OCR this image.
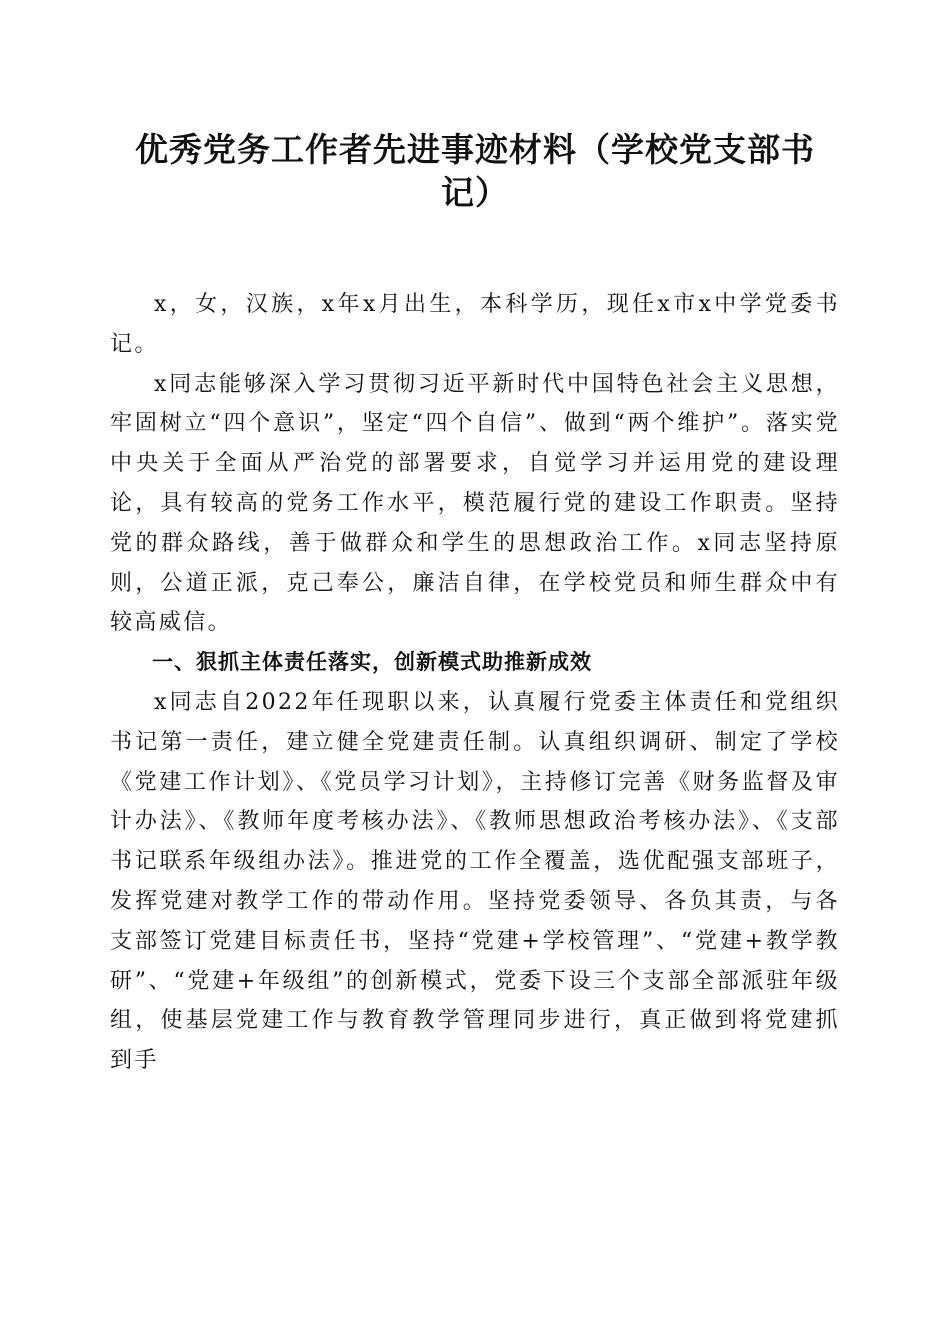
优秀党务工作者先进事迹材料（学校党支部书记）

x，女，汉族，x年x月出生，本科学历，现任x市x中学党委书记。

x同志能够深入学习贯彻习近平新时代中国特色社会主义思想，牢固树立“四个意识”，坚定“四个自信”、做到“两个维护”。落实党中央关于全面从严治党的部署要求，自觉学习并运用党的建设理论，具有较高的党务工作水平，模范履行党的建设工作职责。坚持党的群众路线，善于做群众和学生的思想政治工作。x同志坚持原则，公道正派，克己奉公，廉洁自律，在学校党员和师生群众中有较高威信。

一、狠抓主体责任落实，创新模式助推新成效

x同志自2022年任现职以来，认真履行党委主体责任和党组织书记第一责任，建立健全党建责任制。认真组织调研、制定了学校《党建工作计划》、《党员学习计划》，主持修订完善《财务监督及审计办法》、《教师年度考核办法》、《教师思想政治考核办法》、《支部书记联系年级组办法》。推进党的工作全覆盖，选优配强支部班子，发挥党建对教学工作的带动作用。坚持党委领导、各负其责，与各支部签订党建目标责任书，坚持“党建+学校管理”、“党建+教学教研”、“党建+年级组”的创新模式，党委下设三个支部全部派驻年级组，使基层党建工作与教育教学管理同步进行，真正做到将党建抓到手
